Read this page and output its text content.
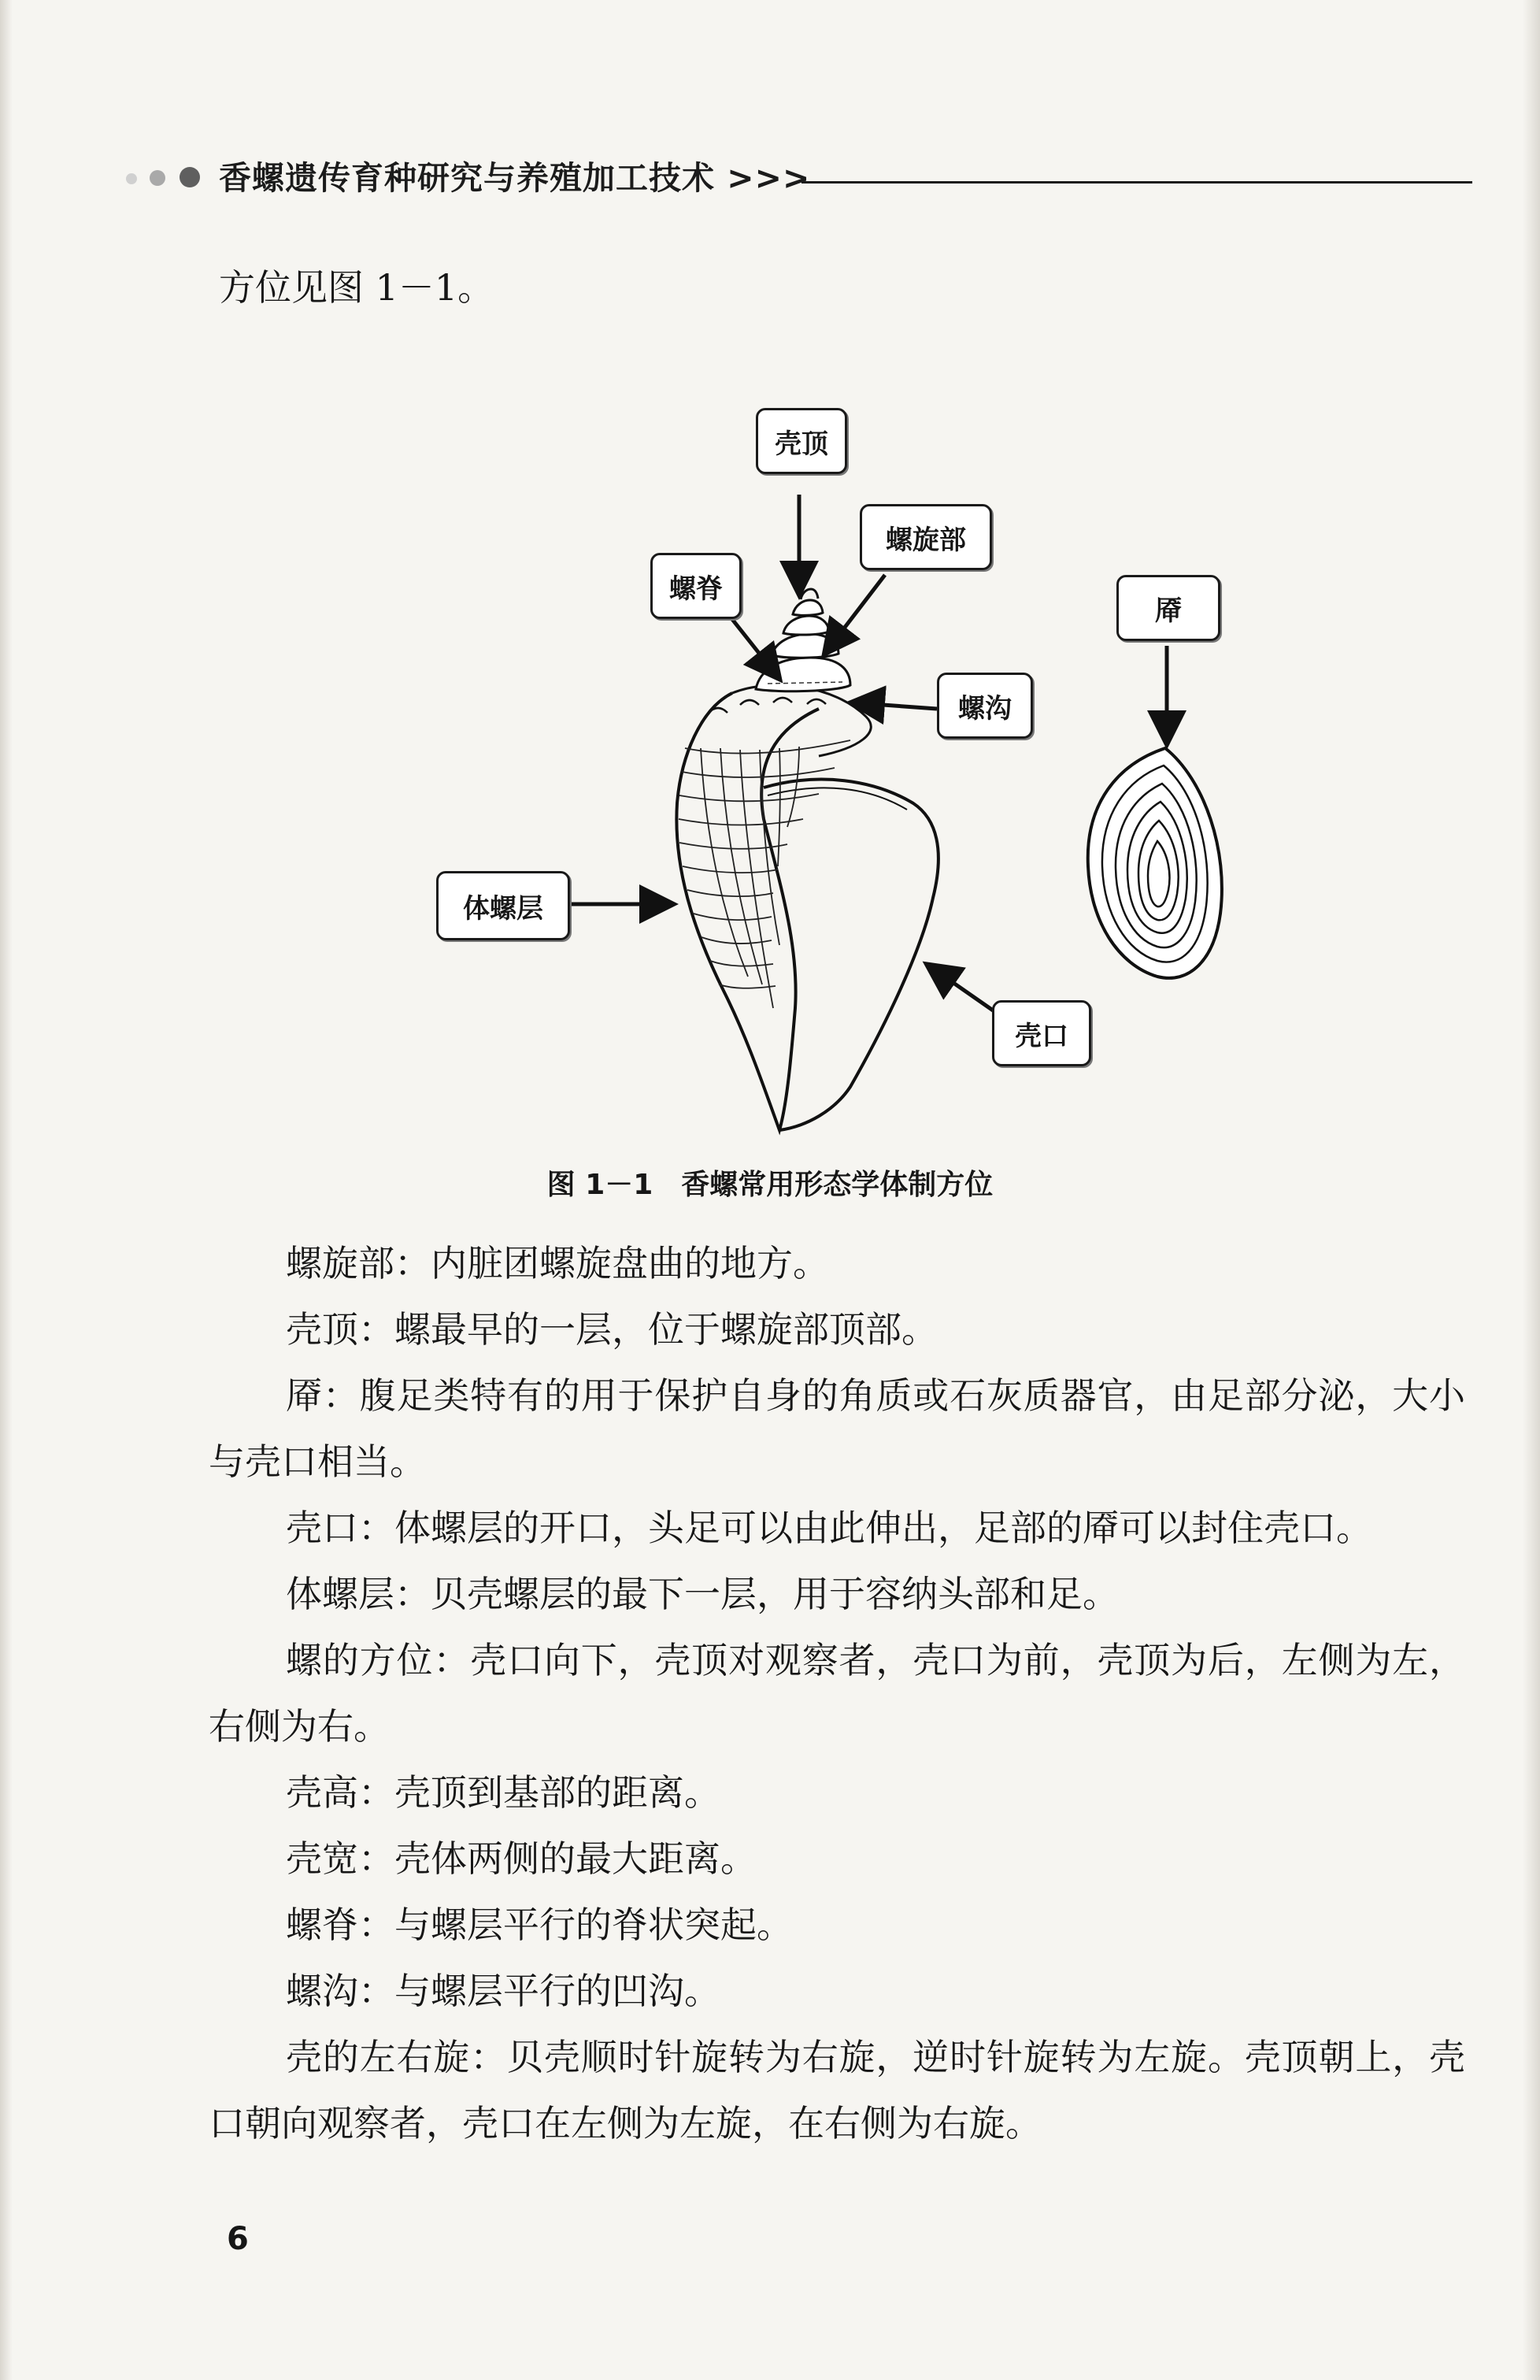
香螺遗传育种研究与养殖加工技术 >>>
方位见图 1－1。
壳顶
螺旋部
螺脊
厣
螺沟
体螺层
壳口
图 1－1　香螺常用形态学体制方位

螺旋部：内脏团螺旋盘曲的地方。

壳顶：螺最早的一层，位于螺旋部顶部。

厣：腹足类特有的用于保护自身的角质或石灰质器官，由足部分泌，大小与壳口相当。

壳口：体螺层的开口，头足可以由此伸出，足部的厣可以封住壳口。

体螺层：贝壳螺层的最下一层，用于容纳头部和足。

螺的方位：壳口向下，壳顶对观察者，壳口为前，壳顶为后，左侧为左，右侧为右。

壳高：壳顶到基部的距离。

壳宽：壳体两侧的最大距离。

螺脊：与螺层平行的脊状突起。

螺沟：与螺层平行的凹沟。

壳的左右旋：贝壳顺时针旋转为右旋，逆时针旋转为左旋。壳顶朝上，壳口朝向观察者，壳口在左侧为左旋，在右侧为右旋。

6
